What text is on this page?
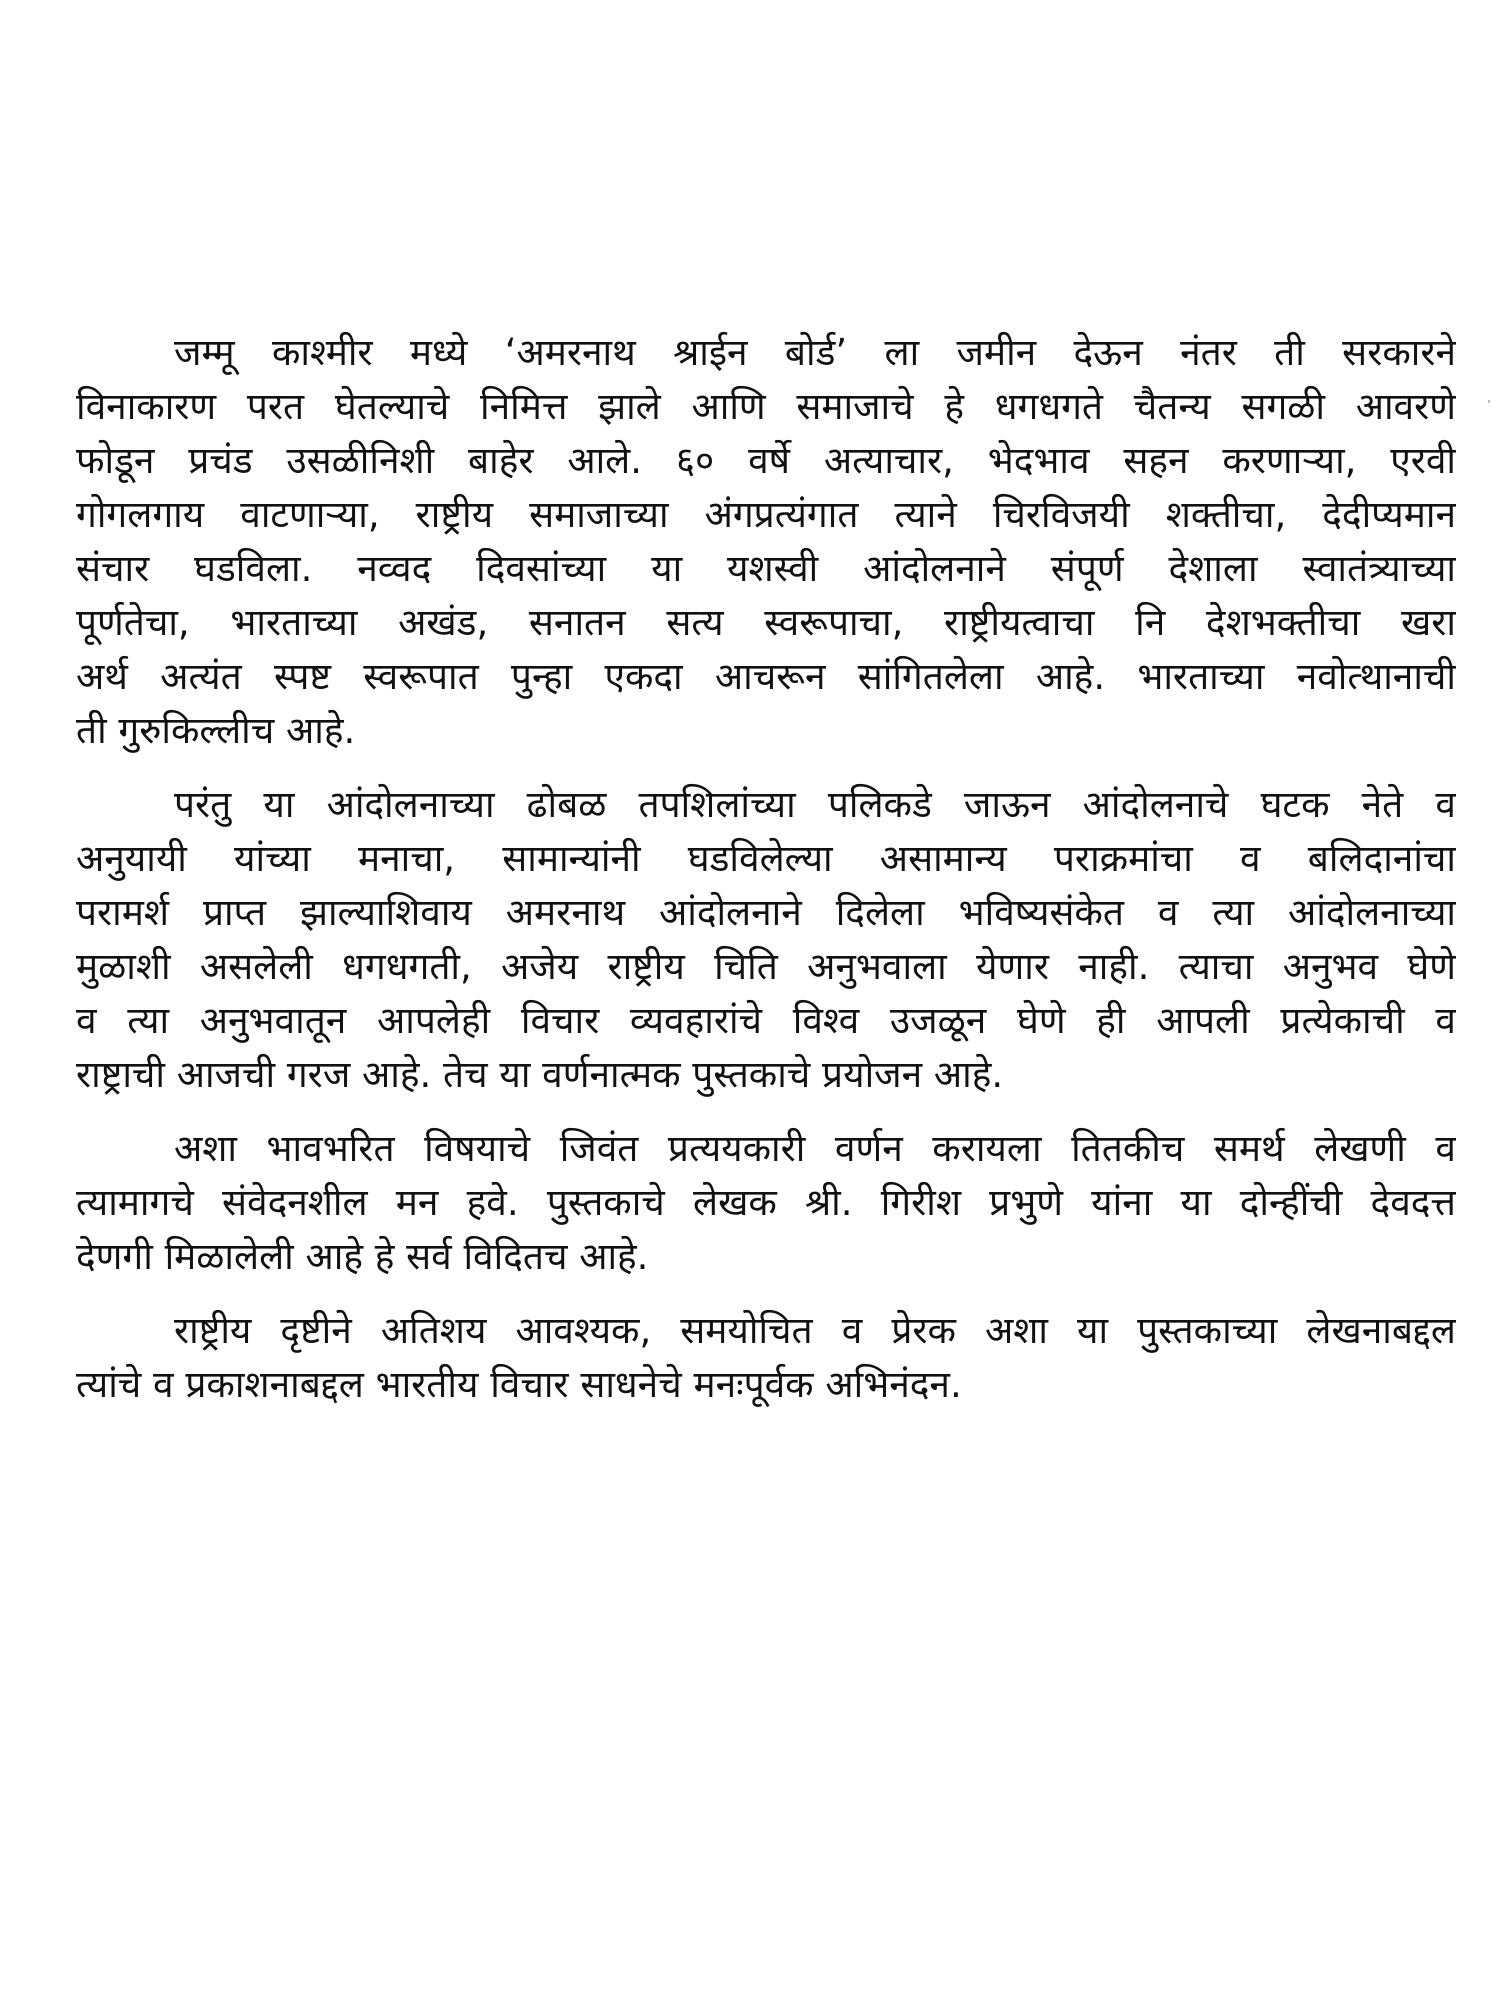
जम्मू काश्मीर मध्ये ‘अमरनाथ श्राईन बोर्ड’ ला जमीन देऊन नंतर ती सरकारने
विनाकारण परत घेतल्याचे निमित्त झाले आणि समाजाचे हे धगधगते चैतन्य सगळी आवरणे
फोडून प्रचंड उसळीनिशी बाहेर आले. ६० वर्षे अत्याचार, भेदभाव सहन करणाऱ्या, एरवी
गोगलगाय वाटणाऱ्या, राष्ट्रीय समाजाच्या अंगप्रत्यंगात त्याने चिरविजयी शक्तीचा, देदीप्यमान
संचार घडविला. नव्वद दिवसांच्या या यशस्वी आंदोलनाने संपूर्ण देशाला स्वातंत्र्याच्या
पूर्णतेचा, भारताच्या अखंड, सनातन सत्य स्वरूपाचा, राष्ट्रीयत्वाचा नि देशभक्तीचा खरा
अर्थ अत्यंत स्पष्ट स्वरूपात पुन्हा एकदा आचरून सांगितलेला आहे. भारताच्या नवोत्थानाची
ती गुरुकिल्लीच आहे.
परंतु या आंदोलनाच्या ढोबळ तपशिलांच्या पलिकडे जाऊन आंदोलनाचे घटक नेते व
अनुयायी यांच्या मनाचा, सामान्यांनी घडविलेल्या असामान्य पराक्रमांचा व बलिदानांचा
परामर्श प्राप्त झाल्याशिवाय अमरनाथ आंदोलनाने दिलेला भविष्यसंकेत व त्या आंदोलनाच्या
मुळाशी असलेली धगधगती, अजेय राष्ट्रीय चिति अनुभवाला येणार नाही. त्याचा अनुभव घेणे
व त्या अनुभवातून आपलेही विचार व्यवहारांचे विश्व उजळून घेणे ही आपली प्रत्येकाची व
राष्ट्राची आजची गरज आहे. तेच या वर्णनात्मक पुस्तकाचे प्रयोजन आहे.
अशा भावभरित विषयाचे जिवंत प्रत्ययकारी वर्णन करायला तितकीच समर्थ लेखणी व
त्यामागचे संवेदनशील मन हवे. पुस्तकाचे लेखक श्री. गिरीश प्रभुणे यांना या दोन्हींची देवदत्त
देणगी मिळालेली आहे हे सर्व विदितच आहे.
राष्ट्रीय दृष्टीने अतिशय आवश्यक, समयोचित व प्रेरक अशा या पुस्तकाच्या लेखनाबद्दल
त्यांचे व प्रकाशनाबद्दल भारतीय विचार साधनेचे मनःपूर्वक अभिनंदन.
